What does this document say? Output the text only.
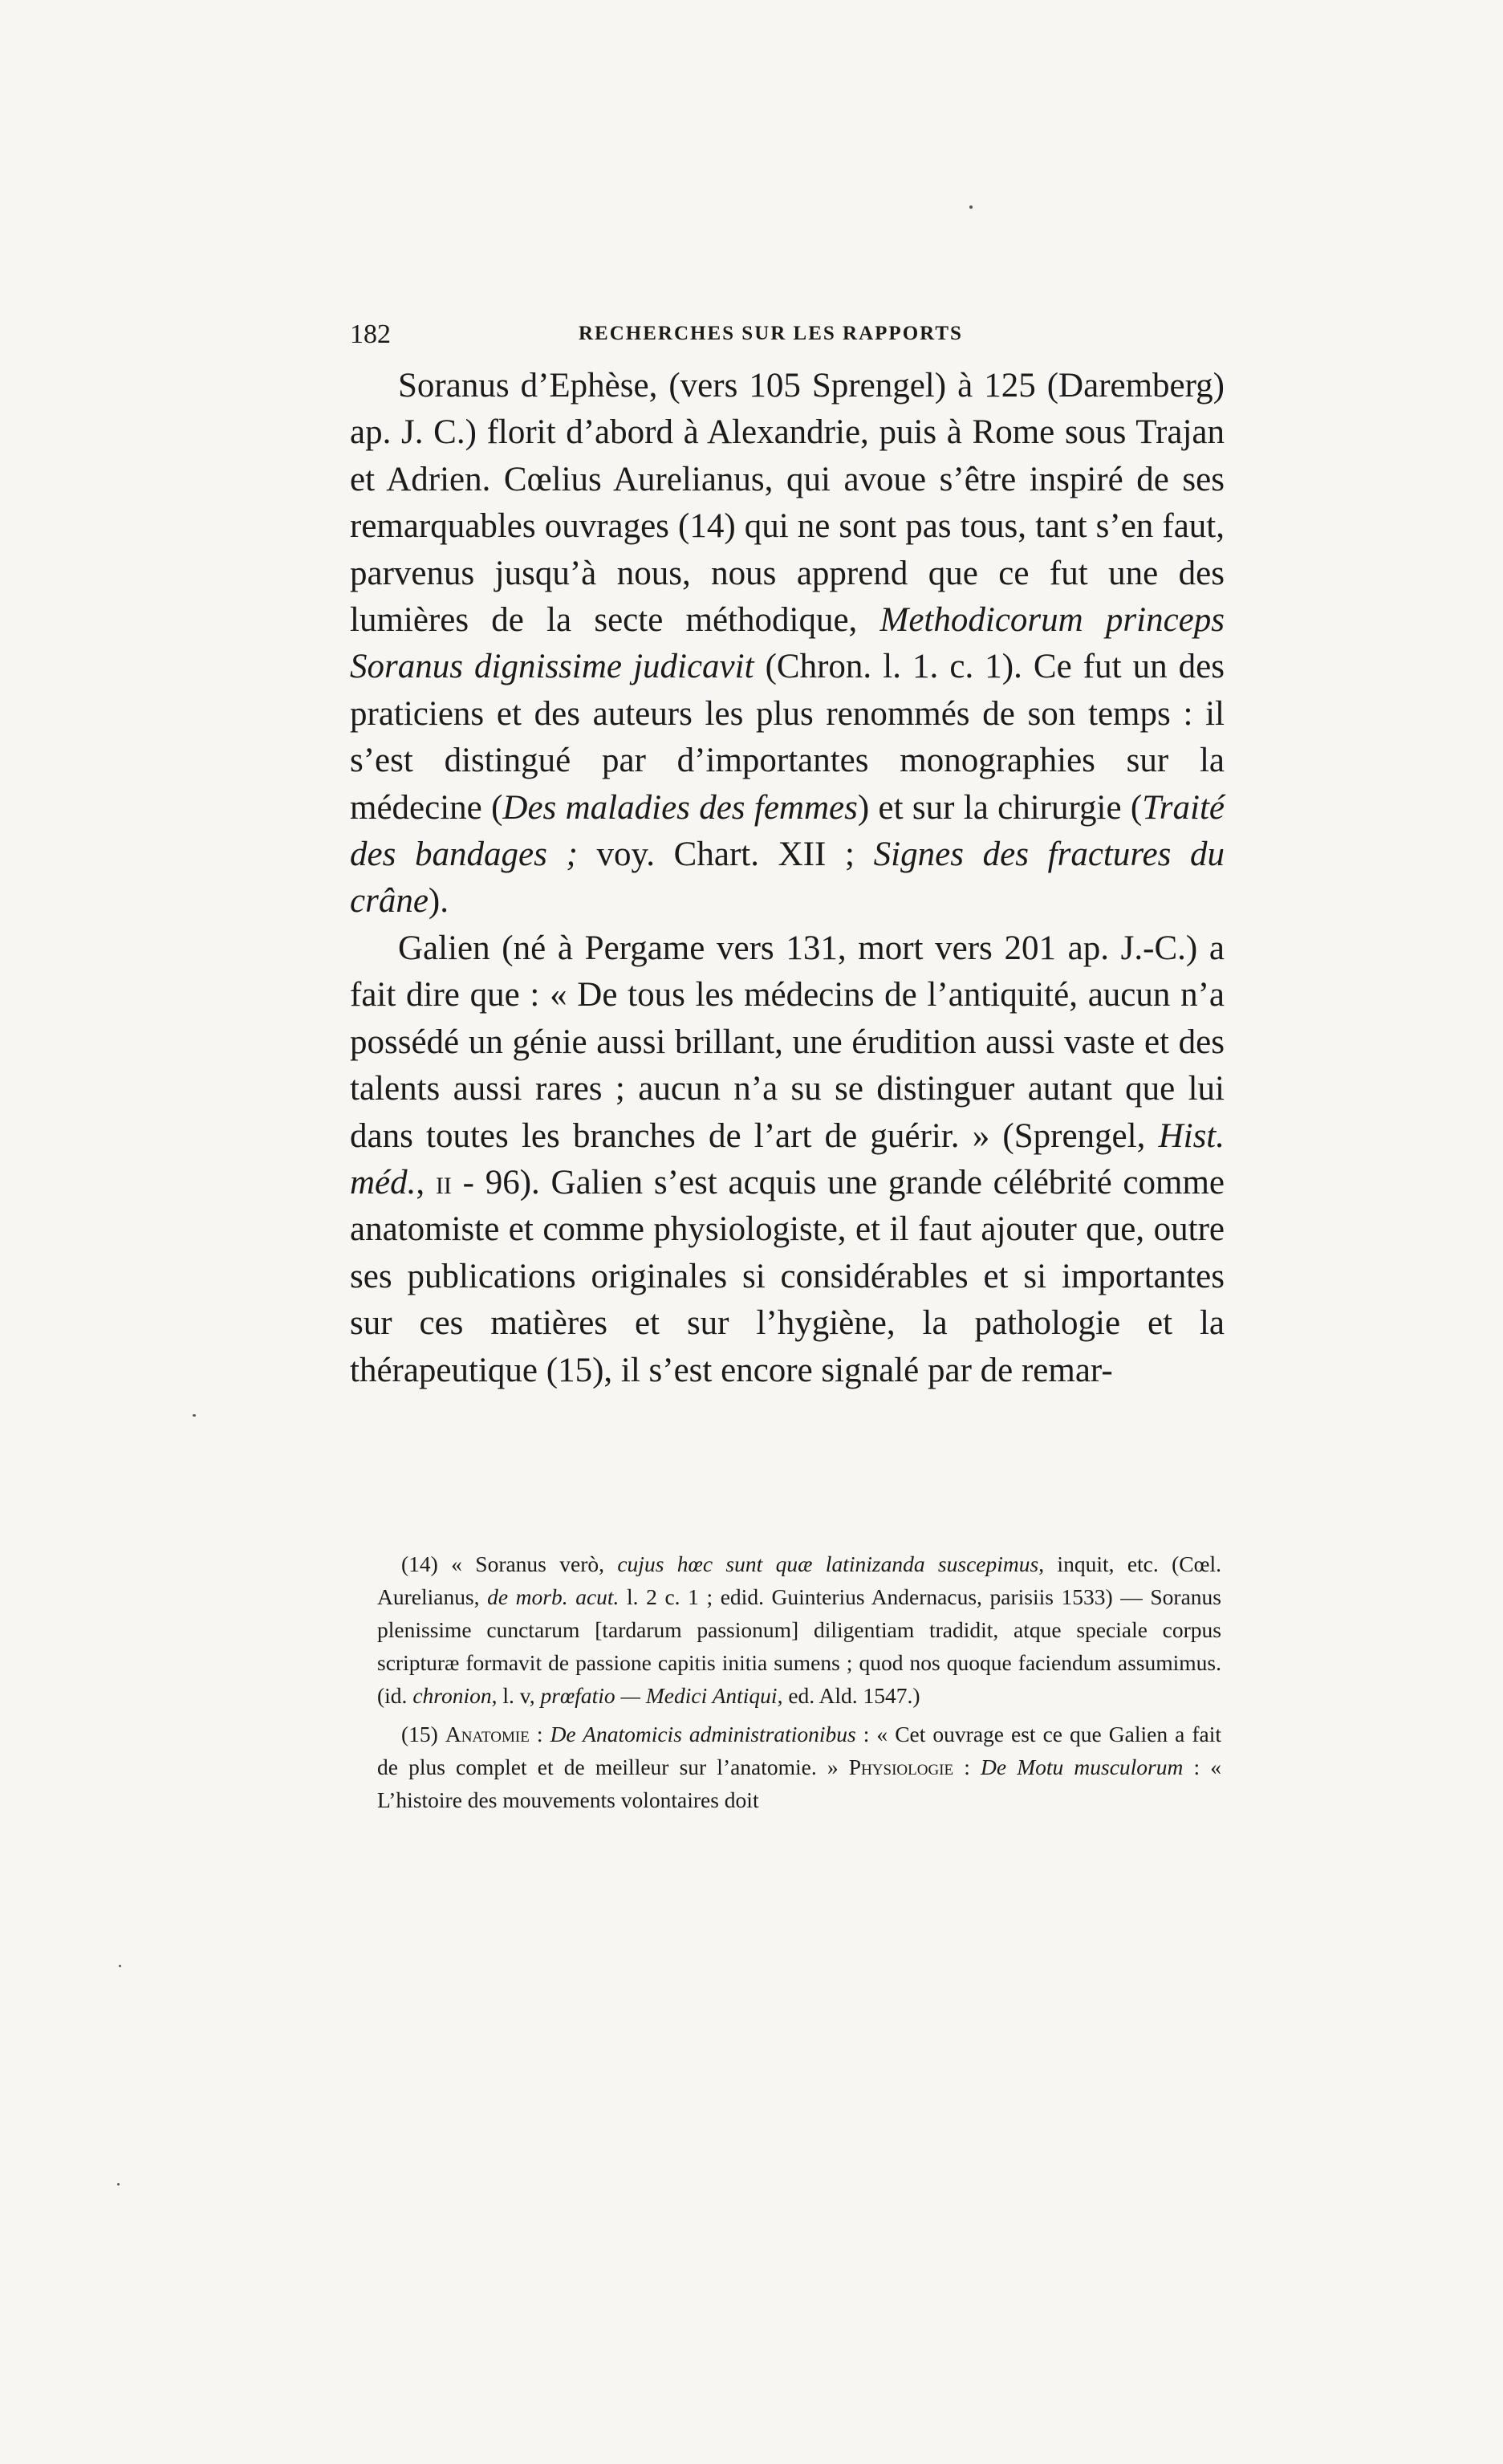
182	RECHERCHES SUR LES RAPPORTS

Soranus d’Ephèse, (vers 105 Sprengel) à 125 (Daremberg) ap. J. C.) florit d’abord à Alexandrie, puis à Rome sous Trajan et Adrien. Cœlius Aurelianus, qui avoue s’être inspiré de ses remarquables ouvrages (14) qui ne sont pas tous, tant s’en faut, parvenus jusqu’à nous, nous apprend que ce fut une des lumières de la secte méthodique, Methodicorum princeps Soranus dignissime judicavit (Chron. l. 1. c. 1). Ce fut un des praticiens et des auteurs les plus renommés de son temps : il s’est distingué par d’importantes monographies sur la médecine (Des maladies des femmes) et sur la chirurgie (Traité des bandages ; voy. Chart. XII ; Signes des fractures du crâne).

Galien (né à Pergame vers 131, mort vers 201 ap. J.-C.) a fait dire que : « De tous les médecins de l’antiquité, aucun n’a possédé un génie aussi brillant, une érudition aussi vaste et des talents aussi rares ; aucun n’a su se distinguer autant que lui dans toutes les branches de l’art de guérir. » (Sprengel, Hist. méd., ii - 96). Galien s’est acquis une grande célébrité comme anatomiste et comme physiologiste, et il faut ajouter que, outre ses publications originales si considérables et si importantes sur ces matières et sur l’hygiène, la pathologie et la thérapeutique (15), il s’est encore signalé par de remar-

(14) « Soranus verò, cujus hœc sunt quæ latinizanda suscepimus, inquit, etc. (Cœl. Aurelianus, de morb. acut. l. 2 c. 1 ; edid. Guinterius Andernacus, parisiis 1533) — Soranus plenissime cunctarum [tardarum passionum] diligentiam tradidit, atque speciale corpus scripturæ formavit de passione capitis initia sumens ; quod nos quoque faciendum assumimus. (id. chronion, l. v, prœfatio — Medici Antiqui, ed. Ald. 1547.)

(15) Anatomie : De Anatomicis administrationibus : « Cet ouvrage est ce que Galien a fait de plus complet et de meilleur sur l’anatomie. » Physiologie : De Motu musculorum : « L’histoire des mouvements volontaires doit
